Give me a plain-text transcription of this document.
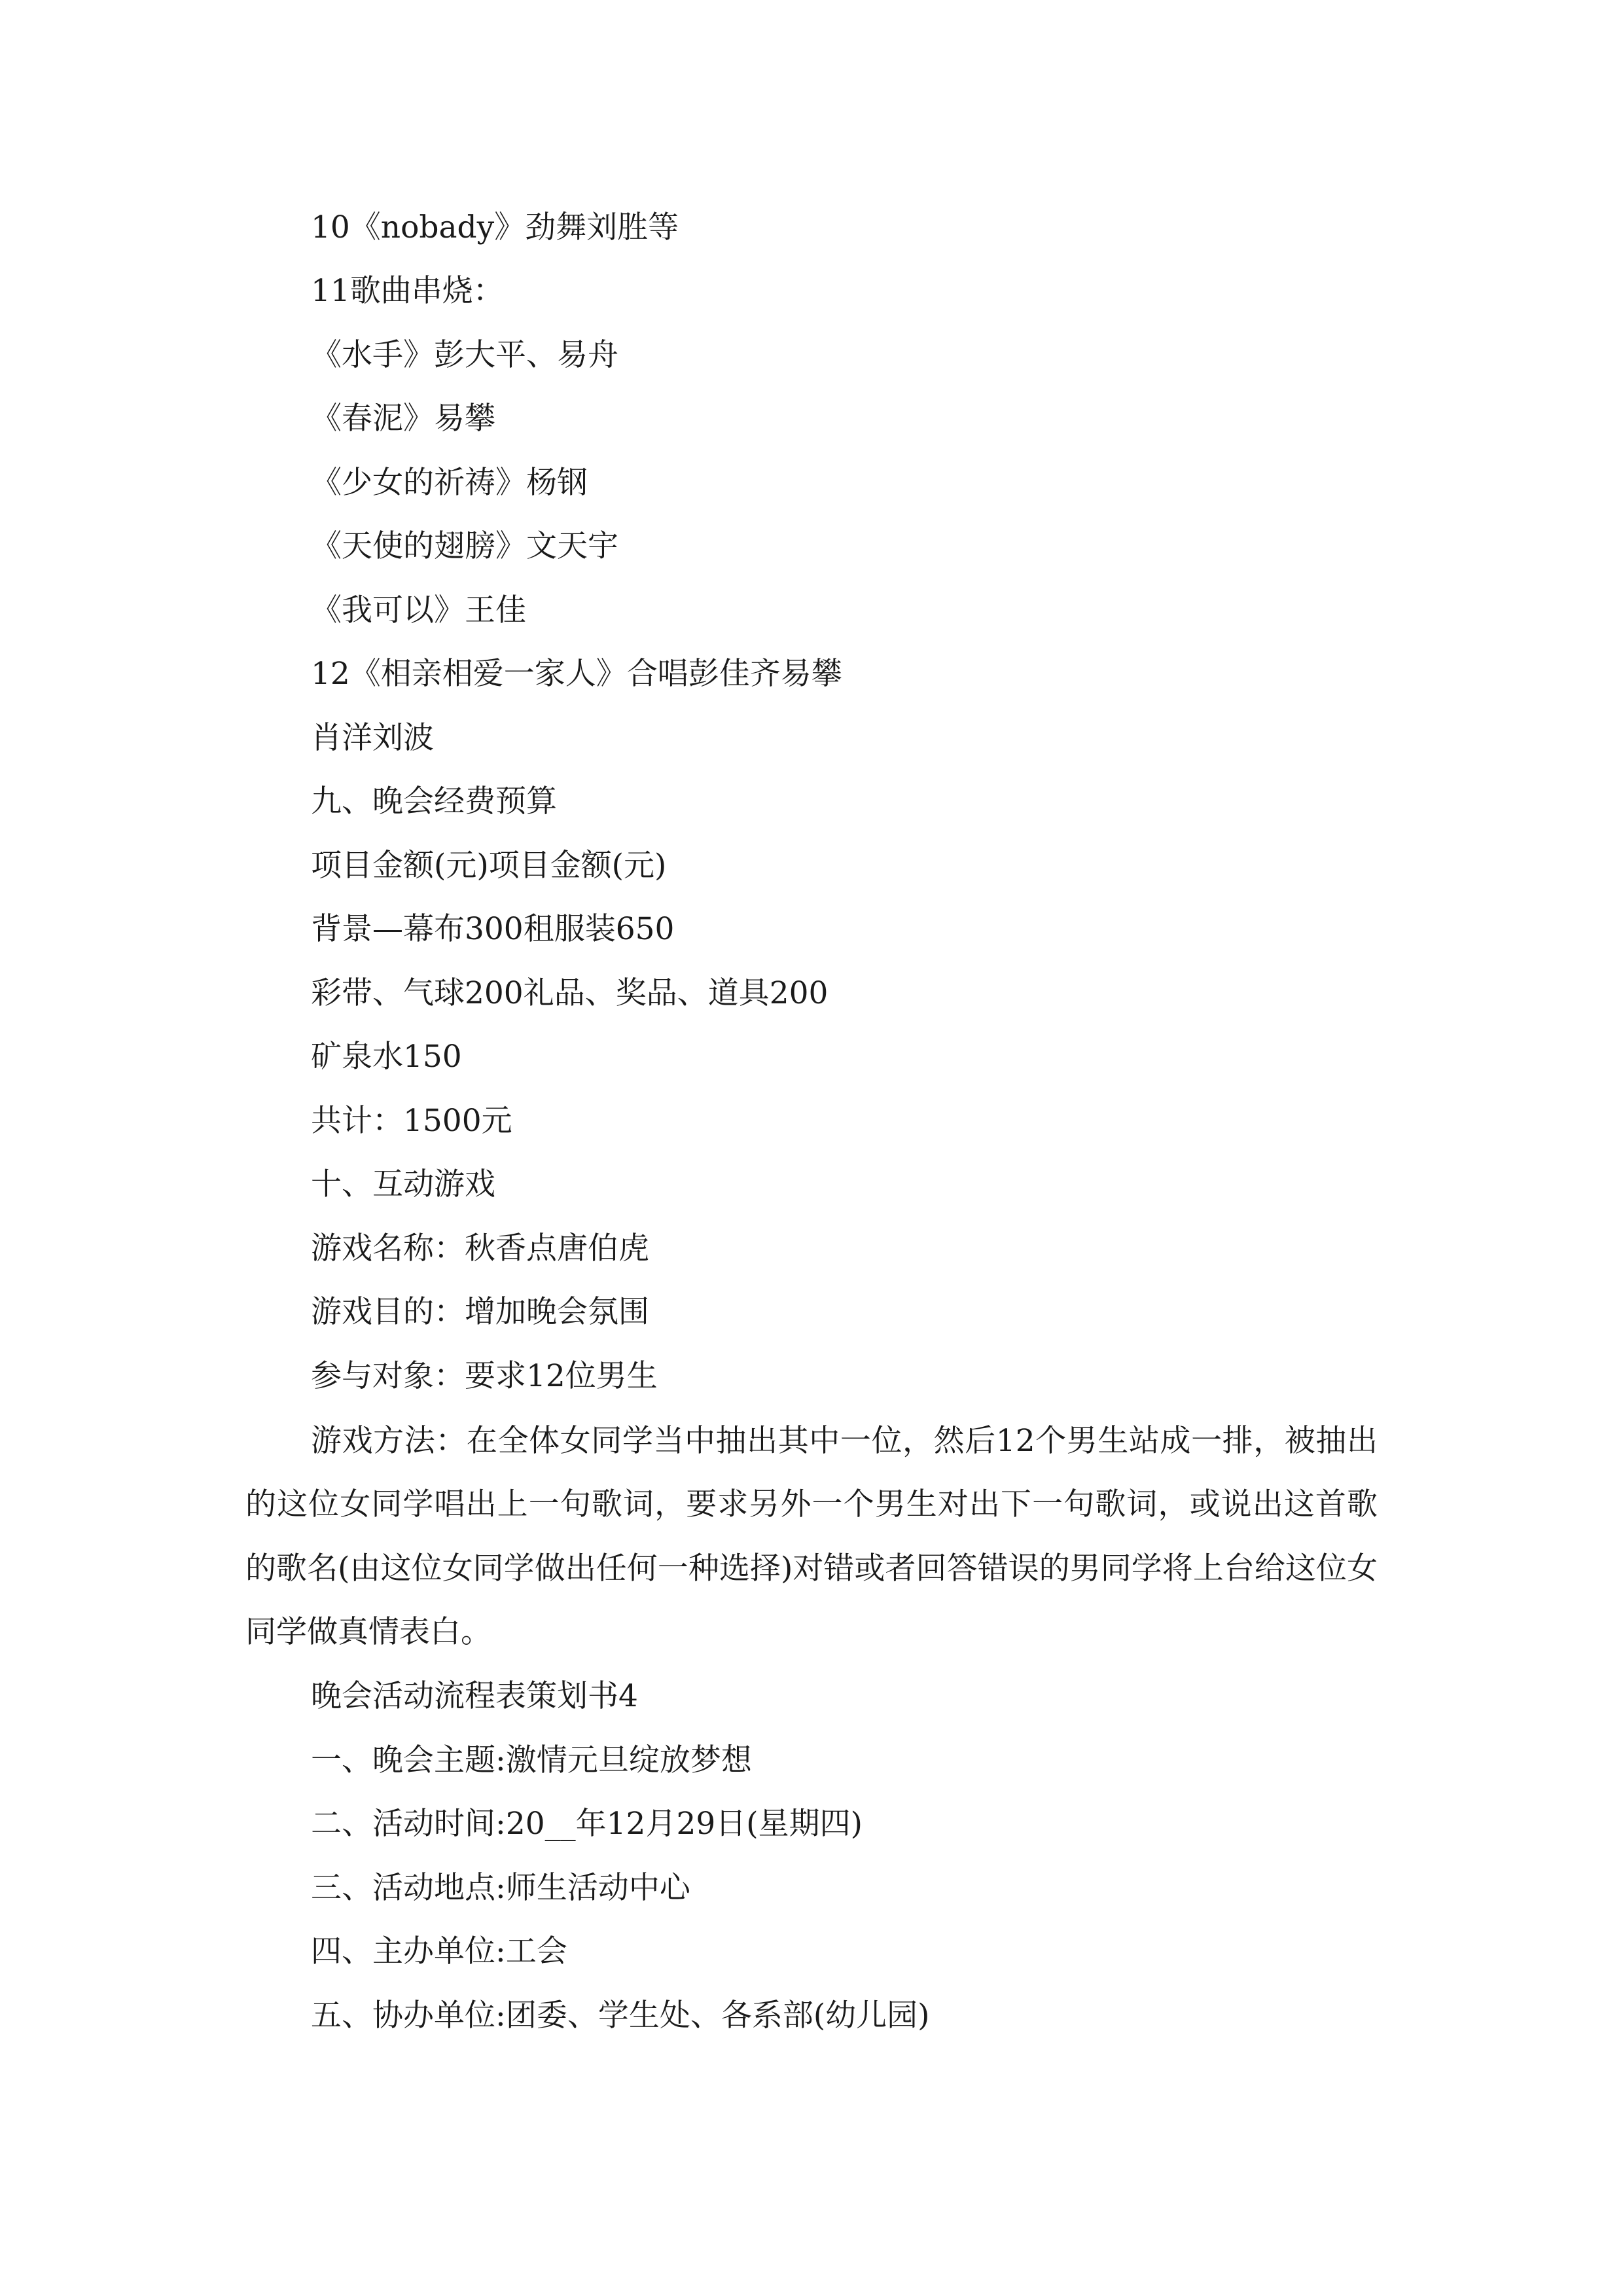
10《nobady》劲舞刘胜等

11歌曲串烧：

《水手》彭大平、易舟

《春泥》易攀

《少女的祈祷》杨钢

《天使的翅膀》文天宇

《我可以》王佳

12《相亲相爱一家人》合唱彭佳齐易攀

肖洋刘波

九、晚会经费预算

项目金额(元)项目金额(元)

背景—幕布300租服装650

彩带、气球200礼品、奖品、道具200

矿泉水150

共计：1500元

十、互动游戏

游戏名称：秋香点唐伯虎

游戏目的：增加晚会氛围

参与对象：要求12位男生

游戏方法：在全体女同学当中抽出其中一位，然后12个男生站成一排，被抽出的这位女同学唱出上一句歌词，要求另外一个男生对出下一句歌词，或说出这首歌的歌名(由这位女同学做出任何一种选择)对错或者回答错误的男同学将上台给这位女同学做真情表白。

晚会活动流程表策划书4

一、晚会主题:激情元旦绽放梦想

二、活动时间:20__年12月29日(星期四)

三、活动地点:师生活动中心

四、主办单位:工会

五、协办单位:团委、学生处、各系部(幼儿园)
